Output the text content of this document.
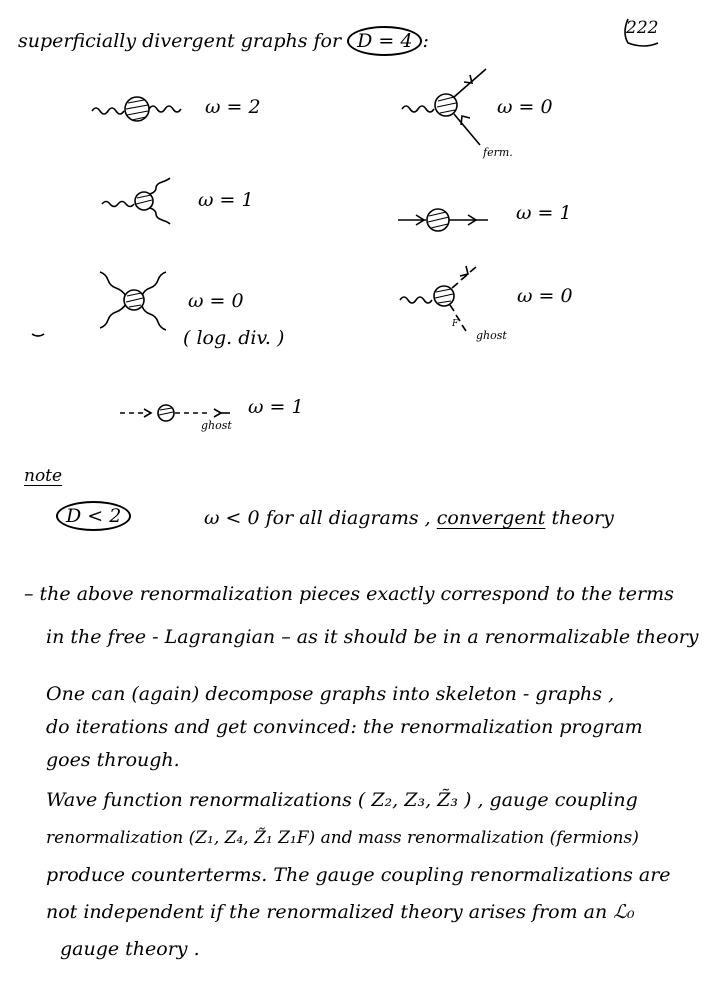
222
superficially divergent graphs for D = 4 :
ω = 2	ω = 0
ferm.
ω = 1
ω = 1
ω = 0
( log. div. )
F
ω = 0
ghost
ghost
ω = 1
note
D < 2	ω < 0 for all diagrams , convergent theory
– the above renormalization pieces exactly correspond to the terms
in the free - Lagrangian – as it should be in a renormalizable theory
One can (again) decompose graphs into skeleton - graphs ,
do iterations and get convinced: the renormalization program
goes through.
Wave function renormalizations ( Z₂, Z₃, Z̃₃ ) , gauge coupling
renormalization (Z₁, Z₄, Z̃₁ Z₁F) and mass renormalization (fermions)
produce counterterms. The gauge coupling renormalizations are
not independent if the renormalized theory arises from an ℒ₀
gauge theory .
